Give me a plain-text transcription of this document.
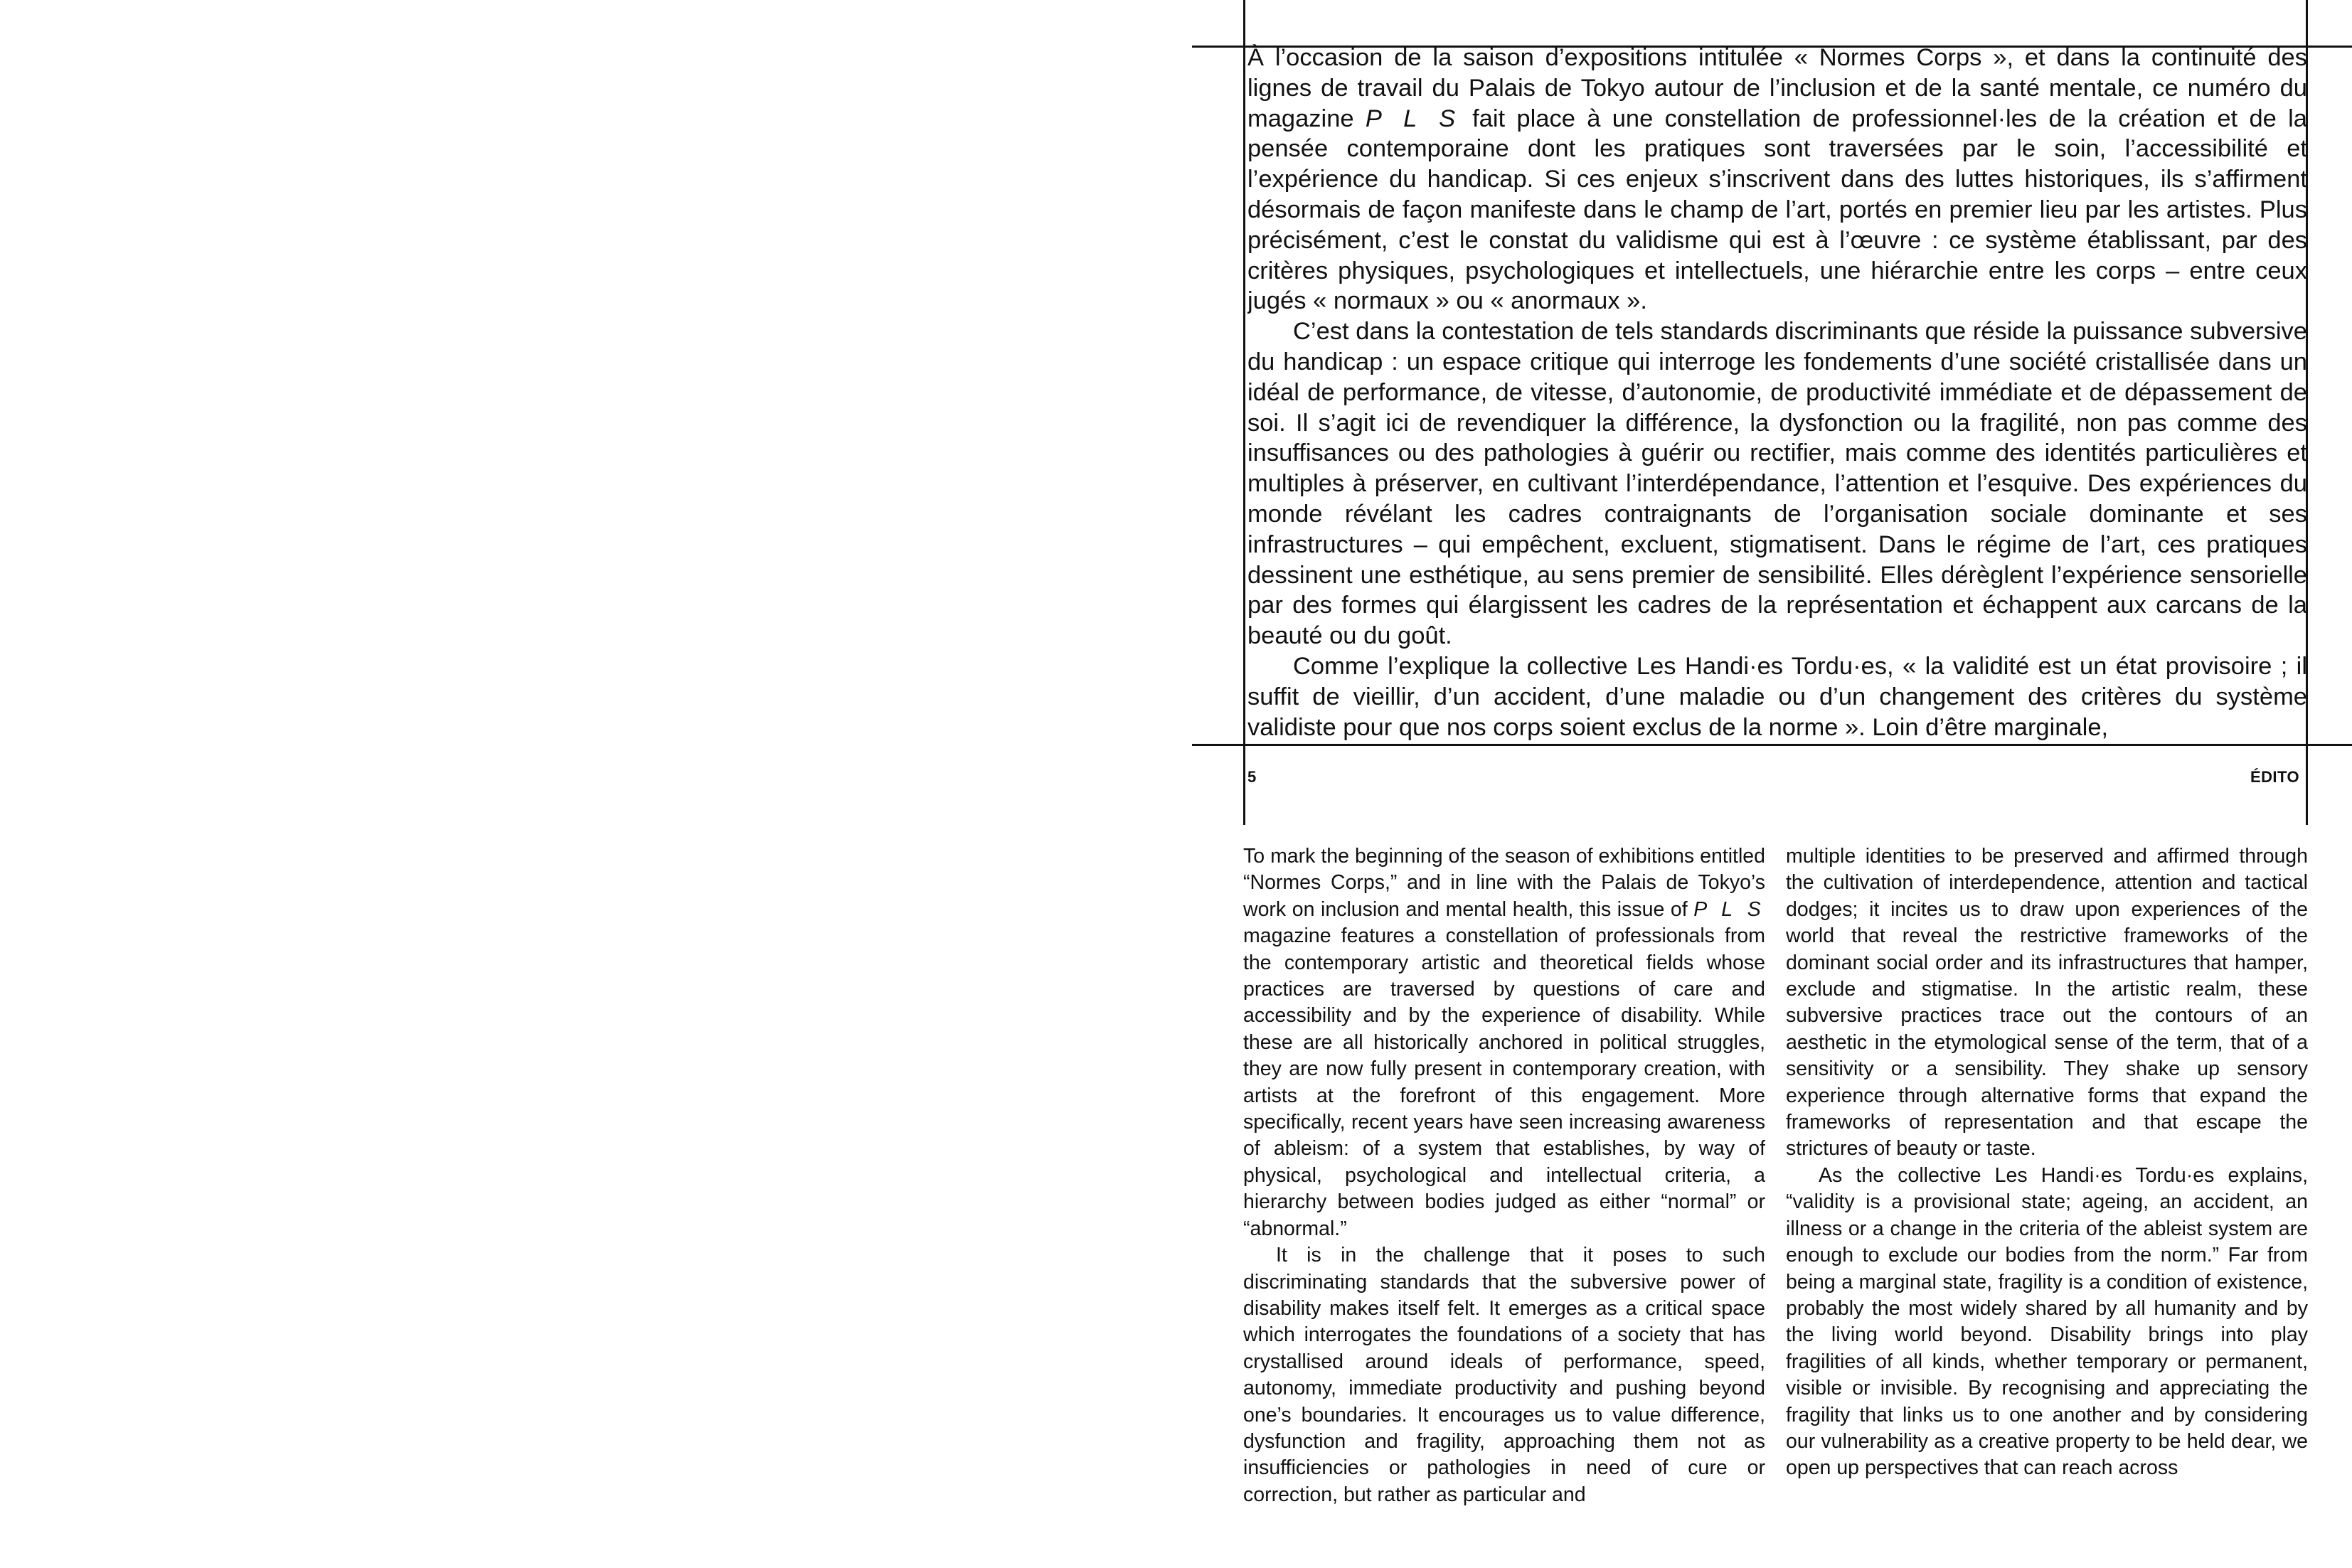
À l’occasion de la saison d’expositions intitulée « Normes Corps », et dans la continuité des lignes de travail du Palais de Tokyo autour de l’inclusion et de la santé mentale, ce numéro du magazine P L S fait place à une constellation de professionnel·les de la création et de la pensée contemporaine dont les pratiques sont traversées par le soin, l’accessibilité et l’expérience du handicap. Si ces enjeux s’inscrivent dans des luttes historiques, ils s’affirment désormais de façon manifeste dans le champ de l’art, portés en premier lieu par les artistes. Plus précisément, c’est le constat du validisme qui est à l’œuvre : ce système établissant, par des critères physiques, psychologiques et intellectuels, une hiérarchie entre les corps – entre ceux jugés « normaux » ou « anormaux ».

C’est dans la contestation de tels standards discriminants que réside la puissance subversive du handicap : un espace critique qui interroge les fondements d’une société cristallisée dans un idéal de performance, de vitesse, d’autonomie, de productivité immédiate et de dépassement de soi. Il s’agit ici de revendiquer la différence, la dysfonction ou la fragilité, non pas comme des insuffisances ou des pathologies à guérir ou rectifier, mais comme des identités particulières et multiples à préserver, en cultivant l’interdépendance, l’attention et l’esquive. Des expériences du monde révélant les cadres contraignants de l’organisation sociale dominante et ses infrastructures – qui empêchent, excluent, stigmatisent. Dans le régime de l’art, ces pratiques dessinent une esthétique, au sens premier de sensibilité. Elles dérèglent l’expérience sensorielle par des formes qui élargissent les cadres de la représentation et échappent aux carcans de la beauté ou du goût.

Comme l’explique la collective Les Handi·es Tordu·es, « la validité est un état provisoire ; il suffit de vieillir, d’un accident, d’une maladie ou d’un changement des critères du système validiste pour que nos corps soient exclus de la norme ». Loin d’être marginale,

5	ÉDITO

To mark the beginning of the season of exhibitions entitled “Normes Corps,” and in line with the Palais de Tokyo’s work on inclusion and mental health, this issue of P L S magazine features a constellation of professionals from the contemporary artistic and theoretical fields whose practices are traversed by questions of care and accessibility and by the experience of disability. While these are all historically anchored in political struggles, they are now fully present in contemporary creation, with artists at the forefront of this engagement. More specifically, recent years have seen increasing awareness of ableism: of a system that establishes, by way of physical, psychological and intellectual criteria, a hierarchy between bodies judged as either “normal” or “abnormal.”

It is in the challenge that it poses to such discriminating standards that the subversive power of disability makes itself felt. It emerges as a critical space which interrogates the foundations of a society that has crystallised around ideals of performance, speed, autonomy, immediate productivity and pushing beyond one’s boundaries. It encourages us to value difference, dysfunction and fragility, approaching them not as insufficiencies or pathologies in need of cure or correction, but rather as particular and

multiple identities to be preserved and affirmed through the cultivation of interdependence, attention and tactical dodges; it incites us to draw upon experiences of the world that reveal the restrictive frameworks of the dominant social order and its infrastructures that hamper, exclude and stigmatise. In the artistic realm, these subversive practices trace out the contours of an aesthetic in the etymological sense of the term, that of a sensitivity or a sensibility. They shake up sensory experience through alternative forms that expand the frameworks of representation and that escape the strictures of beauty or taste.

As the collective Les Handi·es Tordu·es explains, “validity is a provisional state; ageing, an accident, an illness or a change in the criteria of the ableist system are enough to exclude our bodies from the norm.” Far from being a marginal state, fragility is a condition of existence, probably the most widely shared by all humanity and by the living world beyond. Disability brings into play fragilities of all kinds, whether temporary or permanent, visible or invisible. By recognising and appreciating the fragility that links us to one another and by considering our vulnerability as a creative property to be held dear, we open up perspectives that can reach across
